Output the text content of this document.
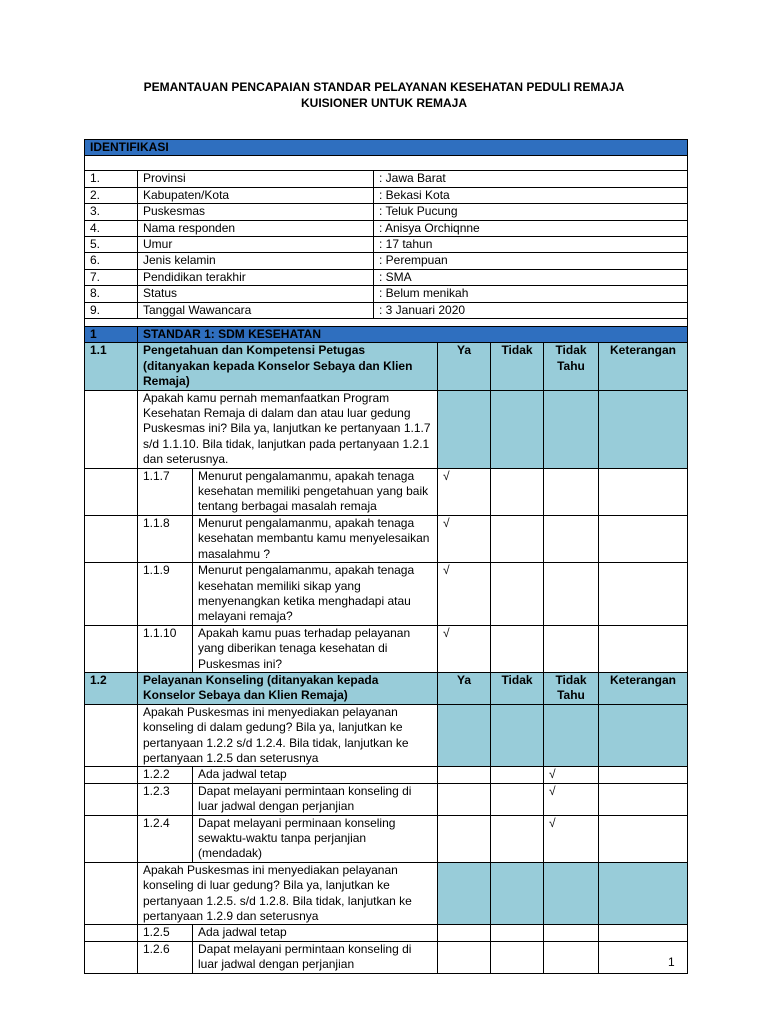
PEMANTAUAN PENCAPAIAN STANDAR PELAYANAN KESEHATAN PEDULI REMAJA
KUISIONER UNTUK REMAJA
IDENTIFIKASI		

1.	Provinsi	: Jawa Barat
2.	Kabupaten/Kota	: Bekasi Kota
3.	Puskesmas	: Teluk Pucung
4.	Nama responden	: Anisya Orchiqnne
5.	Umur	: 17 tahun
6.	Jenis kelamin	: Perempuan
7.	Pendidikan terakhir	: SMA
8.	Status	: Belum menikah
9.	Tanggal Wawancara	: 3 Januari 2020

1	STANDAR 1: SDM KESEHATAN					
1.1	Pengetahuan dan Kompetensi Petugas (ditanyakan kepada Konselor Sebaya dan Klien Remaja)		Ya	Tidak	Tidak Tahu	Keterangan
	Apakah kamu pernah memanfaatkan Program Kesehatan Remaja di dalam dan atau luar gedung Puskesmas ini? Bila ya, lanjutkan ke pertanyaan 1.1.7 s/d 1.1.10. Bila tidak, lanjutkan pada pertanyaan 1.2.1 dan seterusnya.					
	1.1.7	Menurut pengalamanmu, apakah tenaga kesehatan memiliki pengetahuan yang baik tentang berbagai masalah remaja	√			
	1.1.8	Menurut pengalamanmu, apakah tenaga kesehatan membantu kamu menyelesaikan masalahmu ?	√			
	1.1.9	Menurut pengalamanmu, apakah tenaga kesehatan memiliki sikap yang menyenangkan ketika menghadapi atau melayani remaja?	√			
	1.1.10	Apakah kamu puas terhadap pelayanan yang diberikan tenaga kesehatan di Puskesmas ini?	√			
1.2	Pelayanan Konseling (ditanyakan kepada Konselor Sebaya dan Klien Remaja)		Ya	Tidak	Tidak Tahu	Keterangan
	Apakah Puskesmas ini menyediakan pelayanan konseling di dalam gedung? Bila ya, lanjutkan ke pertanyaan 1.2.2 s/d 1.2.4. Bila tidak, lanjutkan ke pertanyaan 1.2.5 dan seterusnya					
	1.2.2	Ada jadwal tetap			√	
	1.2.3	Dapat melayani permintaan konseling di luar jadwal dengan perjanjian			√	
	1.2.4	Dapat melayani perminaan konseling sewaktu-waktu tanpa perjanjian (mendadak)			√	
	Apakah Puskesmas ini menyediakan pelayanan konseling di luar gedung? Bila ya, lanjutkan ke pertanyaan 1.2.5. s/d 1.2.8. Bila tidak, lanjutkan ke pertanyaan 1.2.9 dan seterusnya					
	1.2.5	Ada jadwal tetap				
	1.2.6	Dapat melayani permintaan konseling di luar jadwal dengan perjanjian					1
